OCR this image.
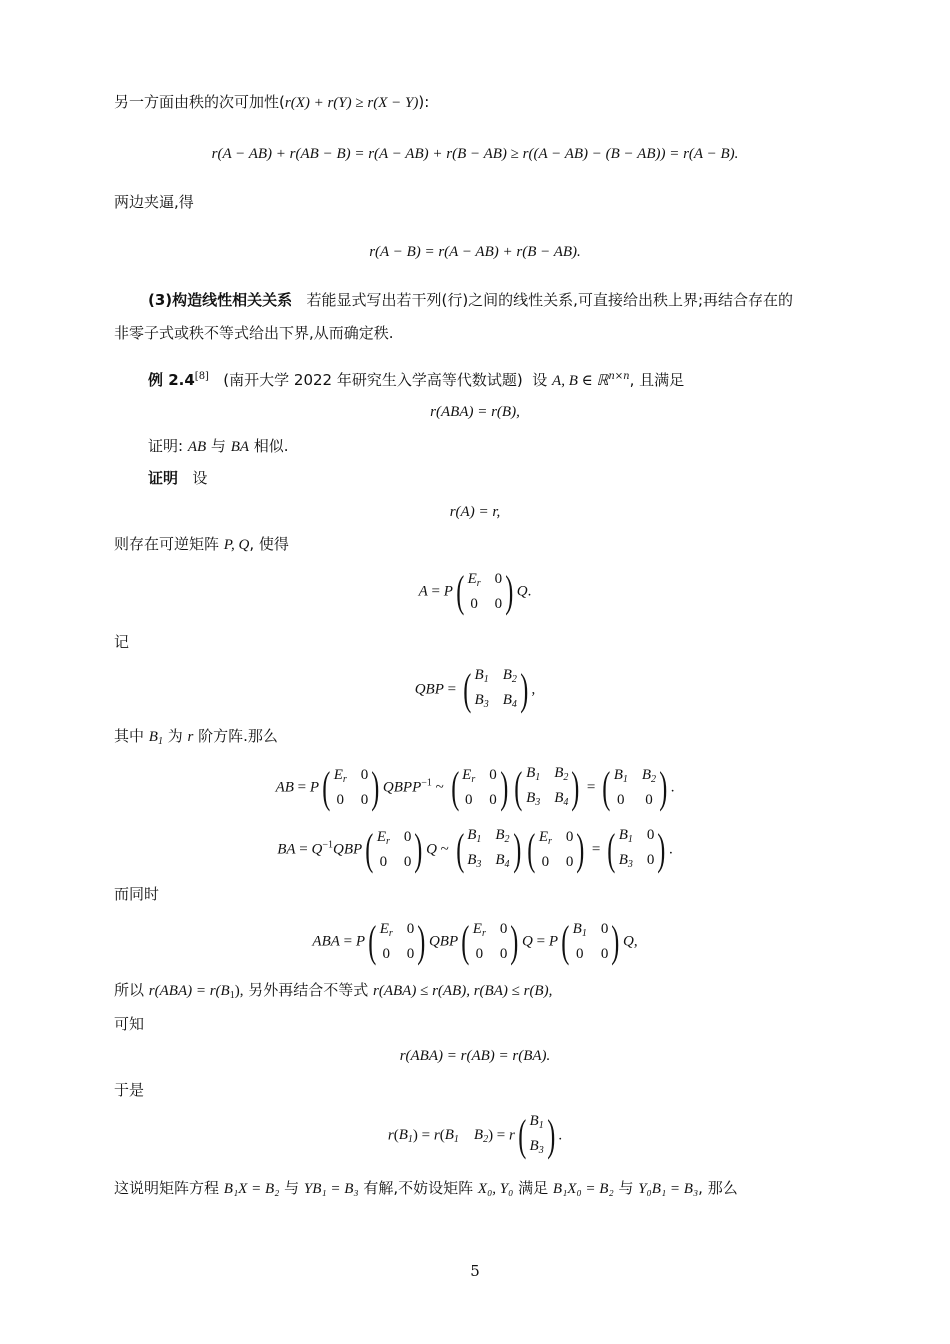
另一方面由秩的次可加性(r(X) + r(Y) ≥ r(X − Y)):
r(A − AB) + r(AB − B) = r(A − AB) + r(B − AB) ≥ r((A − AB) − (B − AB)) = r(A − B).
两边夹逼,得
r(A − B) = r(A − AB) + r(B − AB).
(3)构造线性相关关系 若能显式写出若干列(行)之间的线性关系,可直接给出秩上界;再结合存在的
非零子式或秩不等式给出下界,从而确定秩.
例 2.4[8] (南开大学 2022 年研究生入学高等代数试题) 设 A, B ∈ ℝ$^{n\times n}$, 且满足
r(ABA) = r(B),
证明: AB 与 BA 相似.
证明 设
r(A) = r,
则存在可逆矩阵 P, Q, 使得
A = P ( $E_r$ 0
0 0 ) Q.
记
QBP = ( $B_1$ $B_2$
$B_3$ $B_4$ ) ,
其中 $B_1$ 为 r 阶方阵.那么
AB = P ( $E_r$ 0
0 0 ) $QBPP^{-1}$ ~ ( $E_r$ 0
0 0 ) ( $B_1$ $B_2$
$B_3$ $B_4$ ) = ( $B_1$ $B_2$
0 0 ) .
BA = $Q^{-1}QBP$ ( $E_r$ 0
0 0 ) Q ~ ( $B_1$ $B_2$
$B_3$ $B_4$ ) ( $E_r$ 0
0 0 ) = ( $B_1$ 0
$B_3$ 0 ) .
而同时
ABA = P ( $E_r$ 0
0 0 ) QBP ( $E_r$ 0
0 0 ) Q = P ( $B_1$ 0
0 0 ) Q,
所以 $r(ABA) = r(B_1)$, 另外再结合不等式 r(ABA) ≤ r(AB), r(BA) ≤ r(B),
可知
r(ABA) = r(AB) = r(BA).
于是
$r(B_1) = r(B_1$ $B_2) = r$ ( $B_1$
$B_3$ ) .
这说明矩阵方程 B₁X = B₂ 与 YB₁ = B₃ 有解,不妨设矩阵 X₀, Y₀ 满足 B₁X₀ = B₂ 与 Y₀B₁ = B₃, 那么
5
